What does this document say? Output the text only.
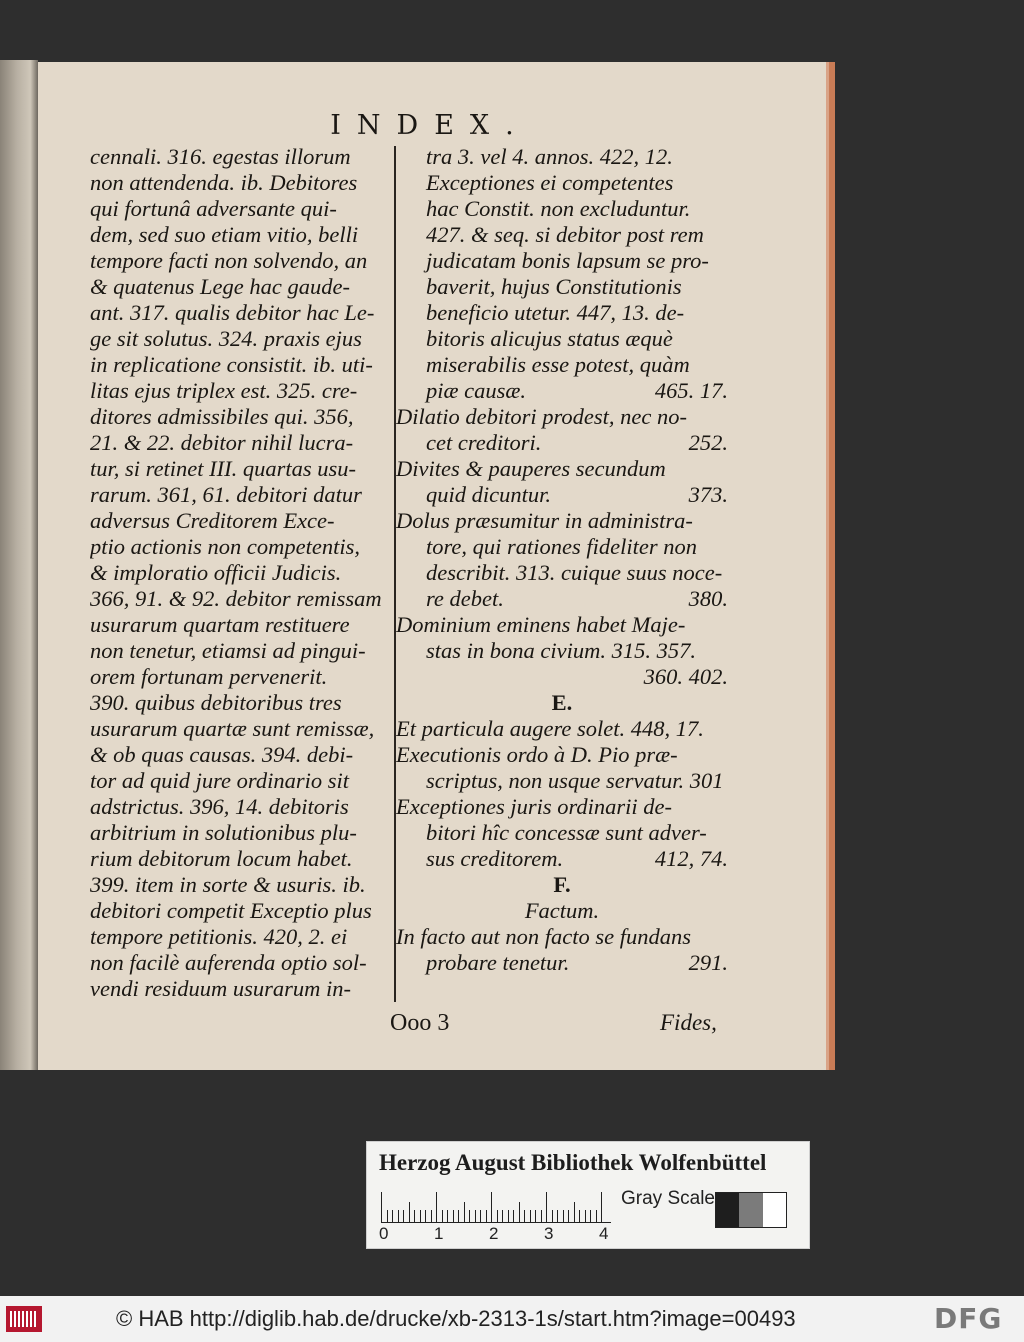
INDEX.
cennali. 316. egestas illorum
non attendenda. ib. Debitores
qui fortunâ adversante qui-
dem, sed suo etiam vitio, belli
tempore facti non solvendo, an
& quatenus Lege hac gaude-
ant. 317. qualis debitor hac Le-
ge sit solutus. 324. praxis ejus
in replicatione consistit. ib. uti-
litas ejus triplex est. 325. cre-
ditores admissibiles qui. 356,
21. & 22. debitor nihil lucra-
tur, si retinet III. quartas usu-
rarum. 361, 61. debitori datur
adversus Creditorem Exce-
ptio actionis non competentis,
& imploratio officii Judicis.
366, 91. & 92. debitor remissam
usurarum quartam restituere
non tenetur, etiamsi ad pingui-
orem fortunam pervenerit.
390. quibus debitoribus tres
usurarum quartæ sunt remissæ,
& ob quas causas. 394. debi-
tor ad quid jure ordinario sit
adstrictus. 396, 14. debitoris
arbitrium in solutionibus plu-
rium debitorum locum habet.
399. item in sorte & usuris. ib.
debitori competit Exceptio plus
tempore petitionis. 420, 2. ei
non facilè auferenda optio sol-
vendi residuum usurarum in-
tra 3. vel 4. annos. 422, 12.
Exceptiones ei competentes
hac Constit. non excluduntur.
427. & seq. si debitor post rem
judicatam bonis lapsum se pro-
baverit, hujus Constitutionis
beneficio utetur. 447, 13. de-
bitoris alicujus status æquè
miserabilis esse potest, quàm
piæ causæ.	465. 17.
Dilatio debitori prodest, nec no-
cet creditori.	252.
Divites & pauperes secundum
quid dicuntur.	373.
Dolus præsumitur in administra-
tore, qui rationes fideliter non
describit. 313. cuique suus noce-
re debet.	380.
Dominium eminens habet Maje-
stas in bona civium. 315. 357.
360. 402.
E.
Et particula augere solet. 448, 17.
Executionis ordo à D. Pio præ-
scriptus, non usque servatur. 301
Exceptiones juris ordinarii de-
bitori hîc concessæ sunt adver-
sus creditorem.	412, 74.
F.
Factum.
In facto aut non facto se fundans
probare tenetur.	291.
Ooo 3	Fides,
Herzog August Bibliothek Wolfenbüttel
0	1	2	3	4
Gray Scale
© HAB http://diglib.hab.de/drucke/xb-2313-1s/start.htm?image=00493	DFG
